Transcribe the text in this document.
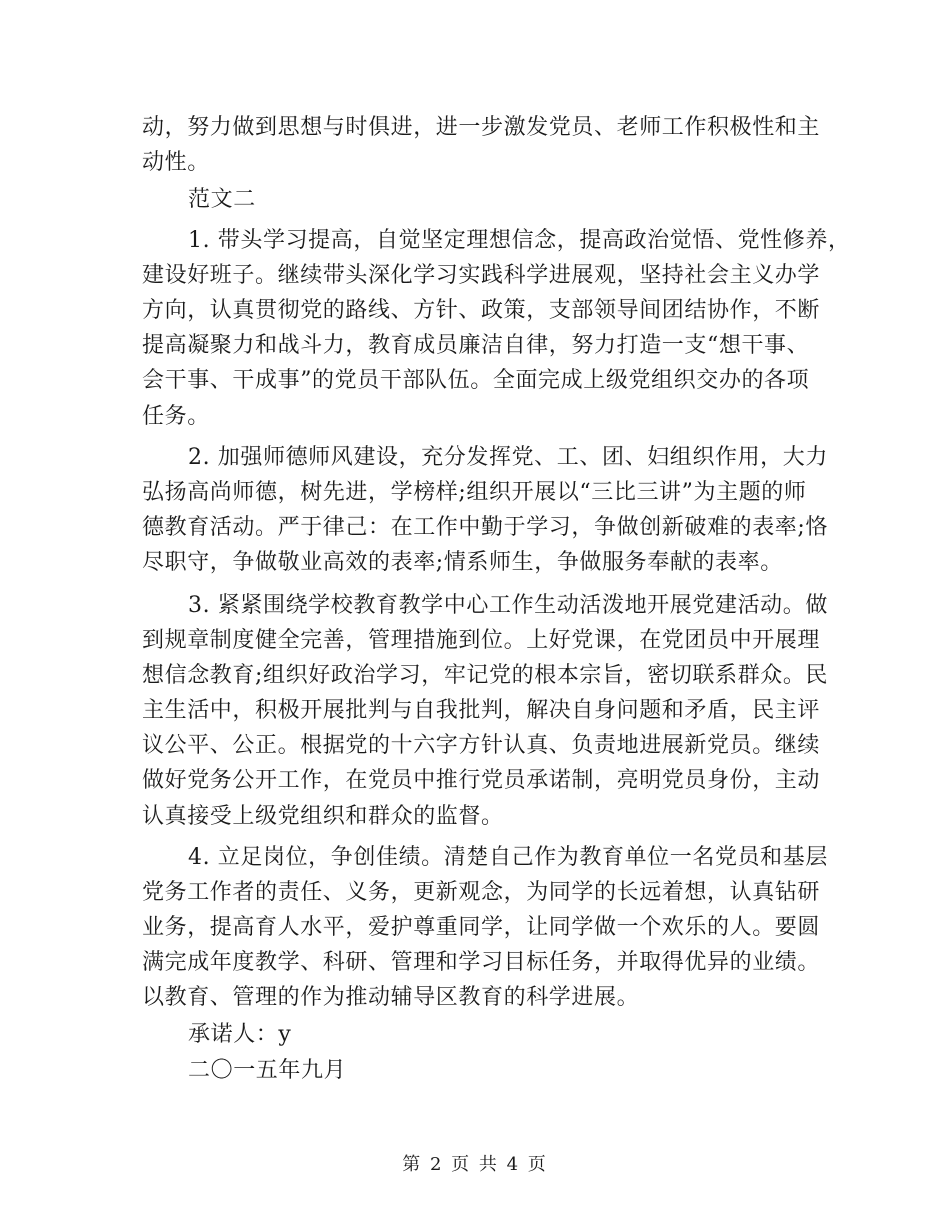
动，努力做到思想与时俱进，进一步激发党员、老师工作积极性和主
动性。
范文二
1. 带头学习提高，自觉坚定理想信念，提高政治觉悟、党性修养，
建设好班子。继续带头深化学习实践科学进展观，坚持社会主义办学
方向，认真贯彻党的路线、方针、政策，支部领导间团结协作，不断
提高凝聚力和战斗力，教育成员廉洁自律，努力打造一支“想干事、
会干事、干成事”的党员干部队伍。全面完成上级党组织交办的各项
任务。
2. 加强师德师风建设，充分发挥党、工、团、妇组织作用，大力
弘扬高尚师德，树先进，学榜样;组织开展以“三比三讲”为主题的师
德教育活动。严于律己：在工作中勤于学习，争做创新破难的表率;恪
尽职守，争做敬业高效的表率;情系师生，争做服务奉献的表率。
3. 紧紧围绕学校教育教学中心工作生动活泼地开展党建活动。做
到规章制度健全完善，管理措施到位。上好党课，在党团员中开展理
想信念教育;组织好政治学习，牢记党的根本宗旨，密切联系群众。民
主生活中，积极开展批判与自我批判，解决自身问题和矛盾，民主评
议公平、公正。根据党的十六字方针认真、负责地进展新党员。继续
做好党务公开工作，在党员中推行党员承诺制，亮明党员身份，主动
认真接受上级党组织和群众的监督。
4. 立足岗位，争创佳绩。清楚自己作为教育单位一名党员和基层
党务工作者的责任、义务，更新观念，为同学的长远着想，认真钻研
业务，提高育人水平，爱护尊重同学，让同学做一个欢乐的人。要圆
满完成年度教学、科研、管理和学习目标任务，并取得优异的业绩。
以教育、管理的作为推动辅导区教育的科学进展。
承诺人：y
二〇一五年九月
第 2 页 共 4 页
